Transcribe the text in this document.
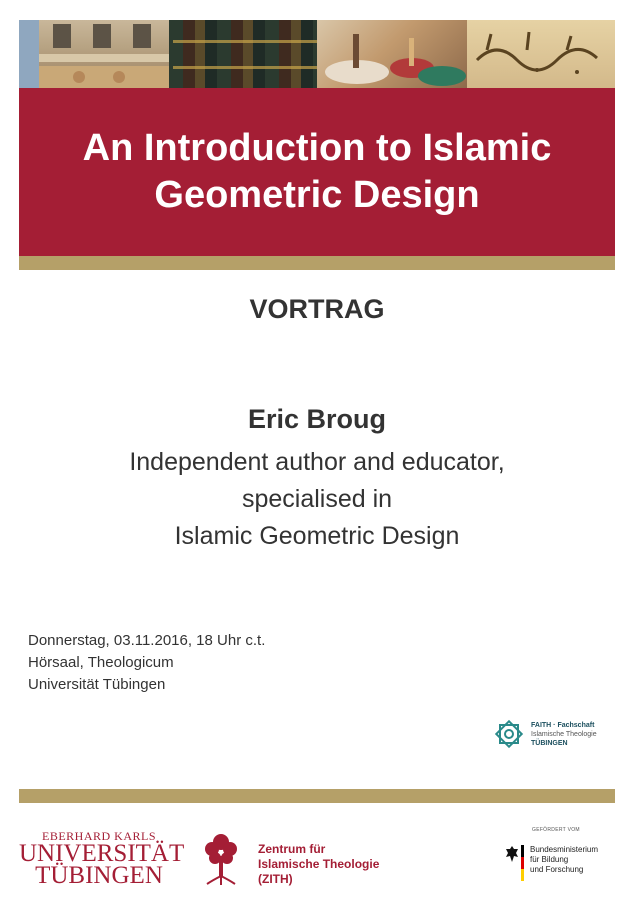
An Introduction to Islamic
Geometric Design
VORTRAG
Eric Broug
Independent author and educator,
specialised in
Islamic Geometric Design
Donnerstag, 03.11.2016, 18 Uhr c.t.
Hörsaal, Theologicum
Universität Tübingen
FAITH · Fachschaft
Islamische Theologie
TÜBINGEN
EBERHARD KARLS
UNIVERSITÄT
TÜBINGEN
Zentrum für
Islamische Theologie
(ZITH)
GEFÖRDERT VOM
Bundesministerium
für Bildung
und Forschung
